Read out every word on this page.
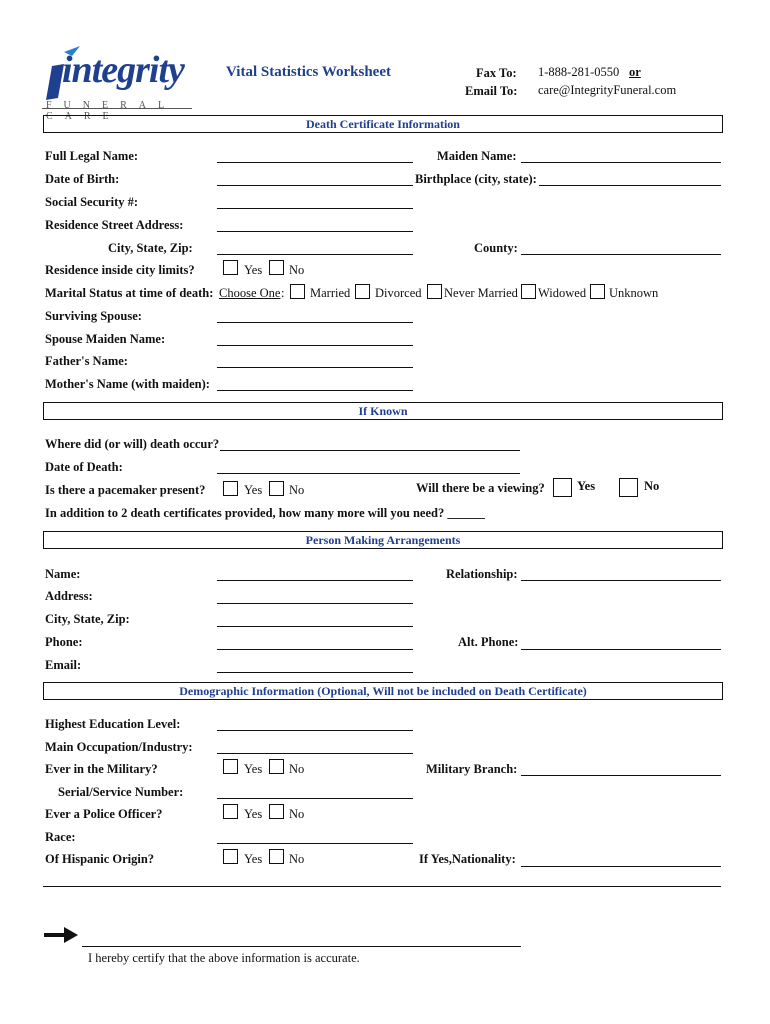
integrity
FUNERAL CARE
Vital Statistics Worksheet	Fax To: 1-888-281-0550 or
Email To: care@IntegrityFuneral.com
Death Certificate Information
Full Legal Name:	Maiden Name:
Date of Birth:	Birthplace (city, state):
Social Security #:
Residence Street Address:
City, State, Zip:	County:
Residence inside city limits?	Yes No
Marital Status at time of death: Choose One : Married Divorced Never Married Widowed Unknown
Surviving Spouse:
Spouse Maiden Name:
Father's Name:
Mother's Name (with maiden):
If Known
Where did (or will) death occur?
Date of Death:
Is there a pacemaker present?	Yes No	Will there be a viewing?	Yes	No
In addition to 2 death certificates provided, how many more will you need? ______
Person Making Arrangements
Name:	Relationship:
Address:
City, State, Zip:
Phone:	Alt. Phone:
Email:
Demographic Information (Optional, Will not be included on Death Certificate)
Highest Education Level:
Main Occupation/Industry:
Ever in the Military?	Yes No	Military Branch:
Serial/Service Number:
Ever a Police Officer?	Yes No
Race:
Of Hispanic Origin?	Yes No	If Yes,Nationality:
I hereby certify that the above information is accurate.
